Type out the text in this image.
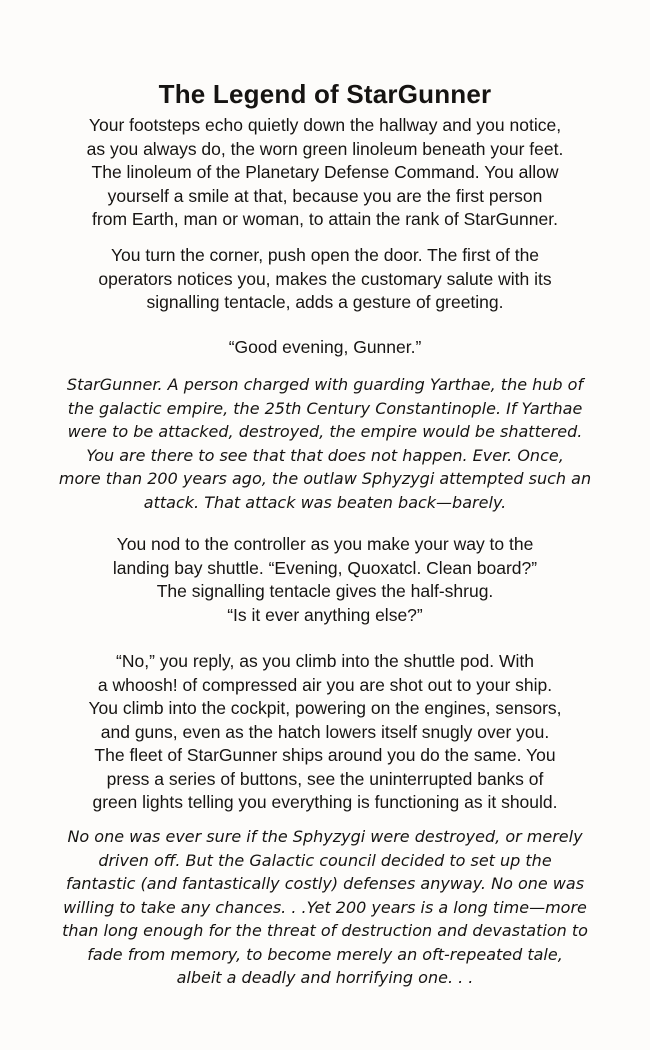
The Legend of StarGunner
Your footsteps echo quietly down the hallway and you notice,
as you always do, the worn green linoleum beneath your feet.
The linoleum of the Planetary Defense Command. You allow
yourself a smile at that, because you are the first person
from Earth, man or woman, to attain the rank of StarGunner.
You turn the corner, push open the door. The first of the
operators notices you, makes the customary salute with its
signalling tentacle, adds a gesture of greeting.
“Good evening, Gunner.”
StarGunner. A person charged with guarding Yarthae, the hub of
the galactic empire, the 25th Century Constantinople. If Yarthae
were to be attacked, destroyed, the empire would be shattered.
You are there to see that that does not happen. Ever. Once,
more than 200 years ago, the outlaw Sphyzygi attempted such an
attack. That attack was beaten back—barely.
You nod to the controller as you make your way to the
landing bay shuttle. “Evening, Quoxatcl. Clean board?”
The signalling tentacle gives the half-shrug.
“Is it ever anything else?”
“No,” you reply, as you climb into the shuttle pod. With
a whoosh! of compressed air you are shot out to your ship.
You climb into the cockpit, powering on the engines, sensors,
and guns, even as the hatch lowers itself snugly over you.
The fleet of StarGunner ships around you do the same. You
press a series of buttons, see the uninterrupted banks of
green lights telling you everything is functioning as it should.
No one was ever sure if the Sphyzygi were destroyed, or merely
driven off. But the Galactic council decided to set up the
fantastic (and fantastically costly) defenses anyway. No one was
willing to take any chances. . .Yet 200 years is a long time—more
than long enough for the threat of destruction and devastation to
fade from memory, to become merely an oft-repeated tale,
albeit a deadly and horrifying one. . .
